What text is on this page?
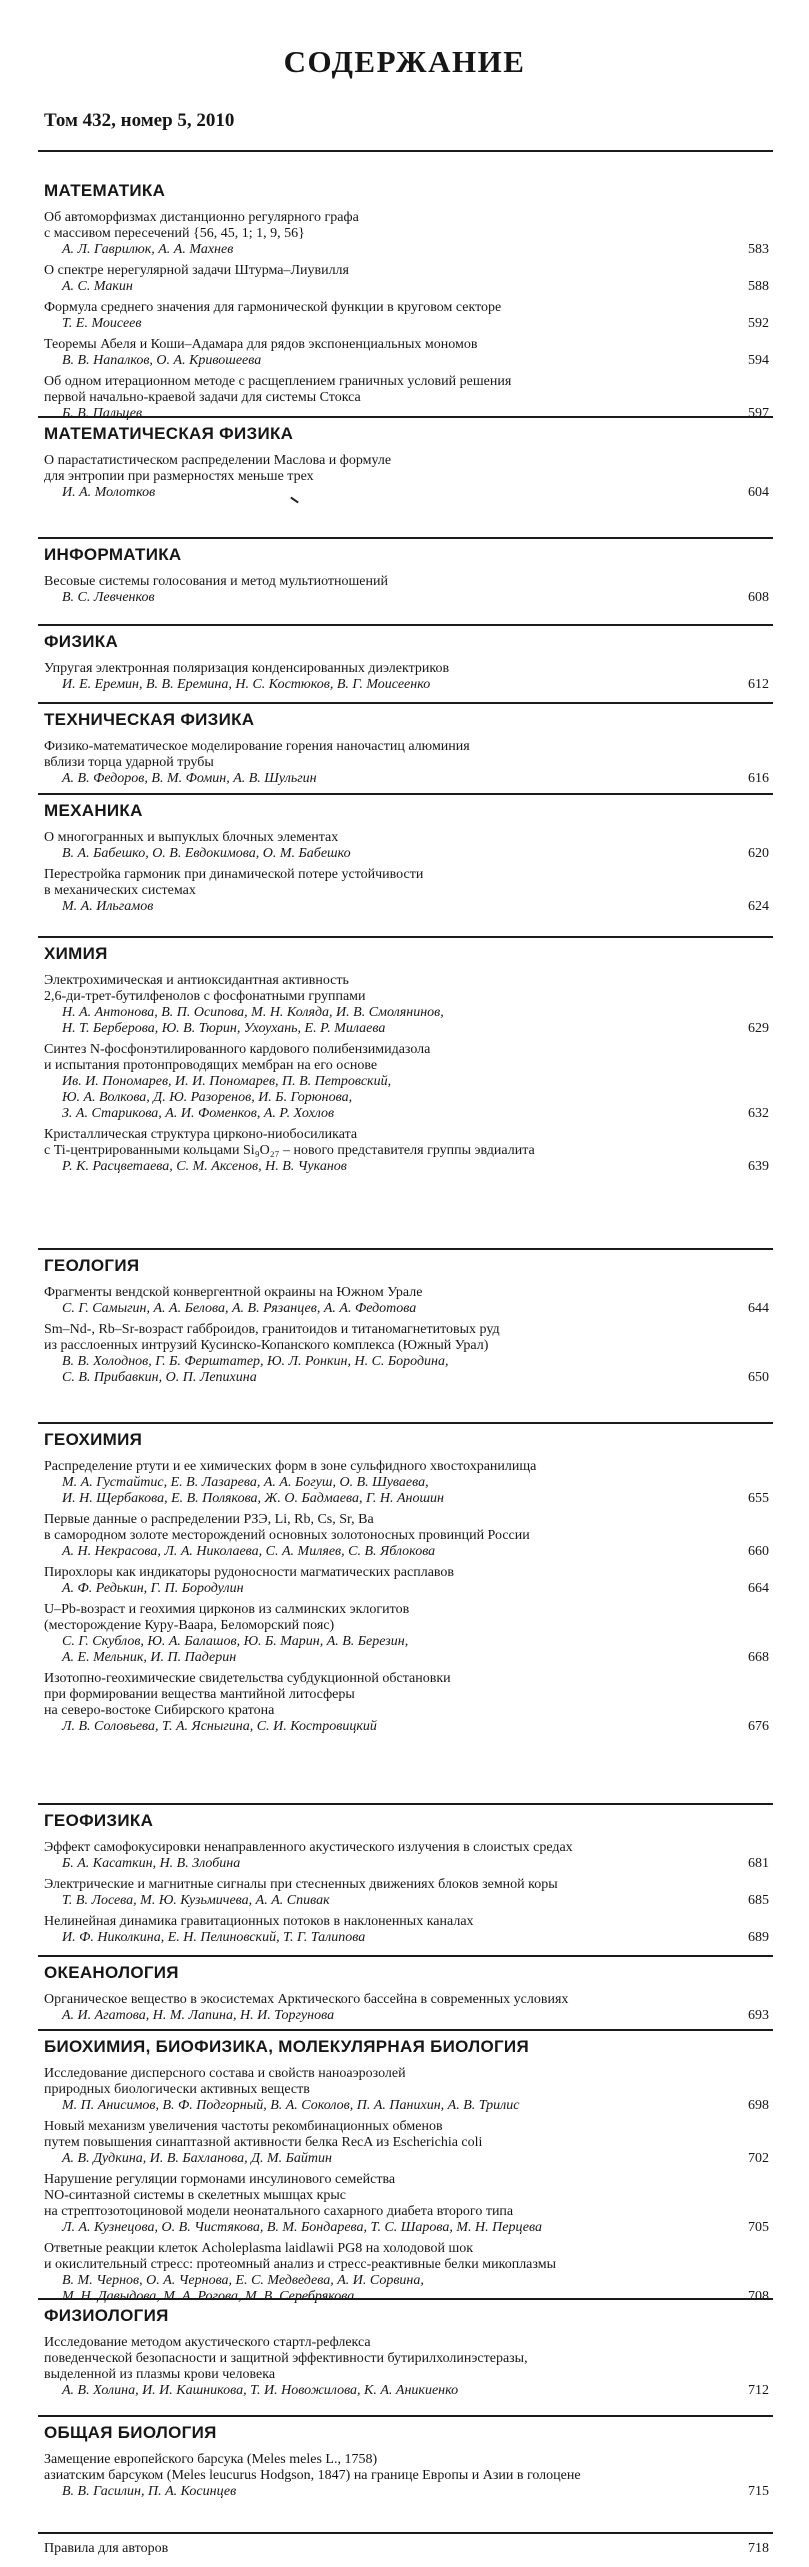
СОДЕРЖАНИЕ
Том 432, номер 5, 2010
МАТЕМАТИКА
Об автоморфизмах дистанционно регулярного графа
с массивом пересечений {56, 45, 1; 1, 9, 56}
А. Л. Гаврилюк, А. А. Махнев	583
О спектре нерегулярной задачи Штурма–Лиувилля
А. С. Макин	588
Формула среднего значения для гармонической функции в круговом секторе
Т. Е. Моисеев	592
Теоремы Абеля и Коши–Адамара для рядов экспоненциальных мономов
В. В. Напалков, О. А. Кривошеева	594
Об одном итерационном методе с расщеплением граничных условий решения
первой начально-краевой задачи для системы Стокса
Б. В. Пальцев	597
МАТЕМАТИЧЕСКАЯ ФИЗИКА
О парастатистическом распределении Маслова и формуле
для энтропии при размерностях меньше трех
И. А. Молотков	604
ИНФОРМАТИКА
Весовые системы голосования и метод мультиотношений
В. С. Левченков	608
ФИЗИКА
Упругая электронная поляризация конденсированных диэлектриков
И. Е. Еремин, В. В. Еремина, Н. С. Костюков, В. Г. Моисеенко	612
ТЕХНИЧЕСКАЯ ФИЗИКА
Физико-математическое моделирование горения наночастиц алюминия
вблизи торца ударной трубы
А. В. Федоров, В. М. Фомин, А. В. Шульгин	616
МЕХАНИКА
О многогранных и выпуклых блочных элементах
В. А. Бабешко, О. В. Евдокимова, О. М. Бабешко	620
Перестройка гармоник при динамической потере устойчивости
в механических системах
М. А. Ильгамов	624
ХИМИЯ
Электрохимическая и антиоксидантная активность
2,6-ди-трет-бутилфенолов с фосфонатными группами
Н. А. Антонова, В. П. Осипова, М. Н. Коляда, И. В. Смолянинов,
Н. Т. Берберова, Ю. В. Тюрин, Ухоухань, Е. Р. Милаева	629
Синтез N-фосфонэтилированного кардового полибензимидазола
и испытания протонпроводящих мембран на его основе
Ив. И. Пономарев, И. И. Пономарев, П. В. Петровский,
Ю. А. Волкова, Д. Ю. Разоренов, И. Б. Горюнова,
З. А. Старикова, А. И. Фоменков, А. Р. Хохлов	632
Кристаллическая структура цирконо-ниобосиликата
с Ti-центрированными кольцами Si₉O₂₇ – нового представителя группы эвдиалита
Р. К. Расцветаева, С. М. Аксенов, Н. В. Чуканов	639
ГЕОЛОГИЯ
Фрагменты вендской конвергентной окраины на Южном Урале
С. Г. Самыгин, А. А. Белова, А. В. Рязанцев, А. А. Федотова	644
Sm–Nd-, Rb–Sr-возраст габброидов, гранитоидов и титаномагнетитовых руд
из расслоенных интрузий Кусинско-Копанского комплекса (Южный Урал)
В. В. Холоднов, Г. Б. Ферштатер, Ю. Л. Ронкин, Н. С. Бородина,
С. В. Прибавкин, О. П. Лепихина	650
ГЕОХИМИЯ
Распределение ртути и ее химических форм в зоне сульфидного хвостохранилища
М. А. Густайтис, Е. В. Лазарева, А. А. Богуш, О. В. Шуваева,
И. Н. Щербакова, Е. В. Полякова, Ж. О. Бадмаева, Г. Н. Аношин	655
Первые данные о распределении РЗЭ, Li, Rb, Cs, Sr, Ba
в самородном золоте месторождений основных золотоносных провинций России
А. Н. Некрасова, Л. А. Николаева, С. А. Миляев, С. В. Яблокова	660
Пирохлоры как индикаторы рудоносности магматических расплавов
А. Ф. Редькин, Г. П. Бородулин	664
U–Pb-возраст и геохимия цирконов из салминских эклогитов
(месторождение Куру-Ваара, Беломорский пояс)
С. Г. Скублов, Ю. А. Балашов, Ю. Б. Марин, А. В. Березин,
А. Е. Мельник, И. П. Падерин	668
Изотопно-геохимические свидетельства субдукционной обстановки
при формировании вещества мантийной литосферы
на северо-востоке Сибирского кратона
Л. В. Соловьева, Т. А. Ясныгина, С. И. Костровицкий	676
ГЕОФИЗИКА
Эффект самофокусировки ненаправленного акустического излучения в слоистых средах
Б. А. Касаткин, Н. В. Злобина	681
Электрические и магнитные сигналы при стесненных движениях блоков земной коры
Т. В. Лосева, М. Ю. Кузьмичева, А. А. Спивак	685
Нелинейная динамика гравитационных потоков в наклоненных каналах
И. Ф. Николкина, Е. Н. Пелиновский, Т. Г. Талипова	689
ОКЕАНОЛОГИЯ
Органическое вещество в экосистемах Арктического бассейна в современных условиях
А. И. Агатова, Н. М. Лапина, Н. И. Торгунова	693
БИОХИМИЯ, БИОФИЗИКА, МОЛЕКУЛЯРНАЯ БИОЛОГИЯ
Исследование дисперсного состава и свойств наноаэрозолей
природных биологически активных веществ
М. П. Анисимов, В. Ф. Подгорный, В. А. Соколов, П. А. Панихин, А. В. Трилис	698
Новый механизм увеличения частоты рекомбинационных обменов
путем повышения синаптазной активности белка RecA из Escherichia coli
А. В. Дудкина, И. В. Бахланова, Д. М. Байтин	702
Нарушение регуляции гормонами инсулинового семейства
NO-синтазной системы в скелетных мышцах крыс
на стрептозотоциновой модели неонатального сахарного диабета второго типа
Л. А. Кузнецова, О. В. Чистякова, В. М. Бондарева, Т. С. Шарова, М. Н. Перцева	705
Ответные реакции клеток Acholeplasma laidlawii PG8 на холодовой шок
и окислительный стресс: протеомный анализ и стресс-реактивные белки микоплазмы
В. М. Чернов, О. А. Чернова, Е. С. Медведева, А. И. Сорвина,
М. Н. Давыдова, М. А. Рогова, М. В. Серебрякова	708
ФИЗИОЛОГИЯ
Исследование методом акустического стартл-рефлекса
поведенческой безопасности и защитной эффективности бутирилхолинэстеразы,
выделенной из плазмы крови человека
А. В. Холина, И. И. Кашникова, Т. И. Новожилова, К. А. Аникиенко	712
ОБЩАЯ БИОЛОГИЯ
Замещение европейского барсука (Meles meles L., 1758)
азиатским барсуком (Meles leucurus Hodgson, 1847) на границе Европы и Азии в голоцене
В. В. Гасилин, П. А. Косинцев	715
Правила для авторов	718
